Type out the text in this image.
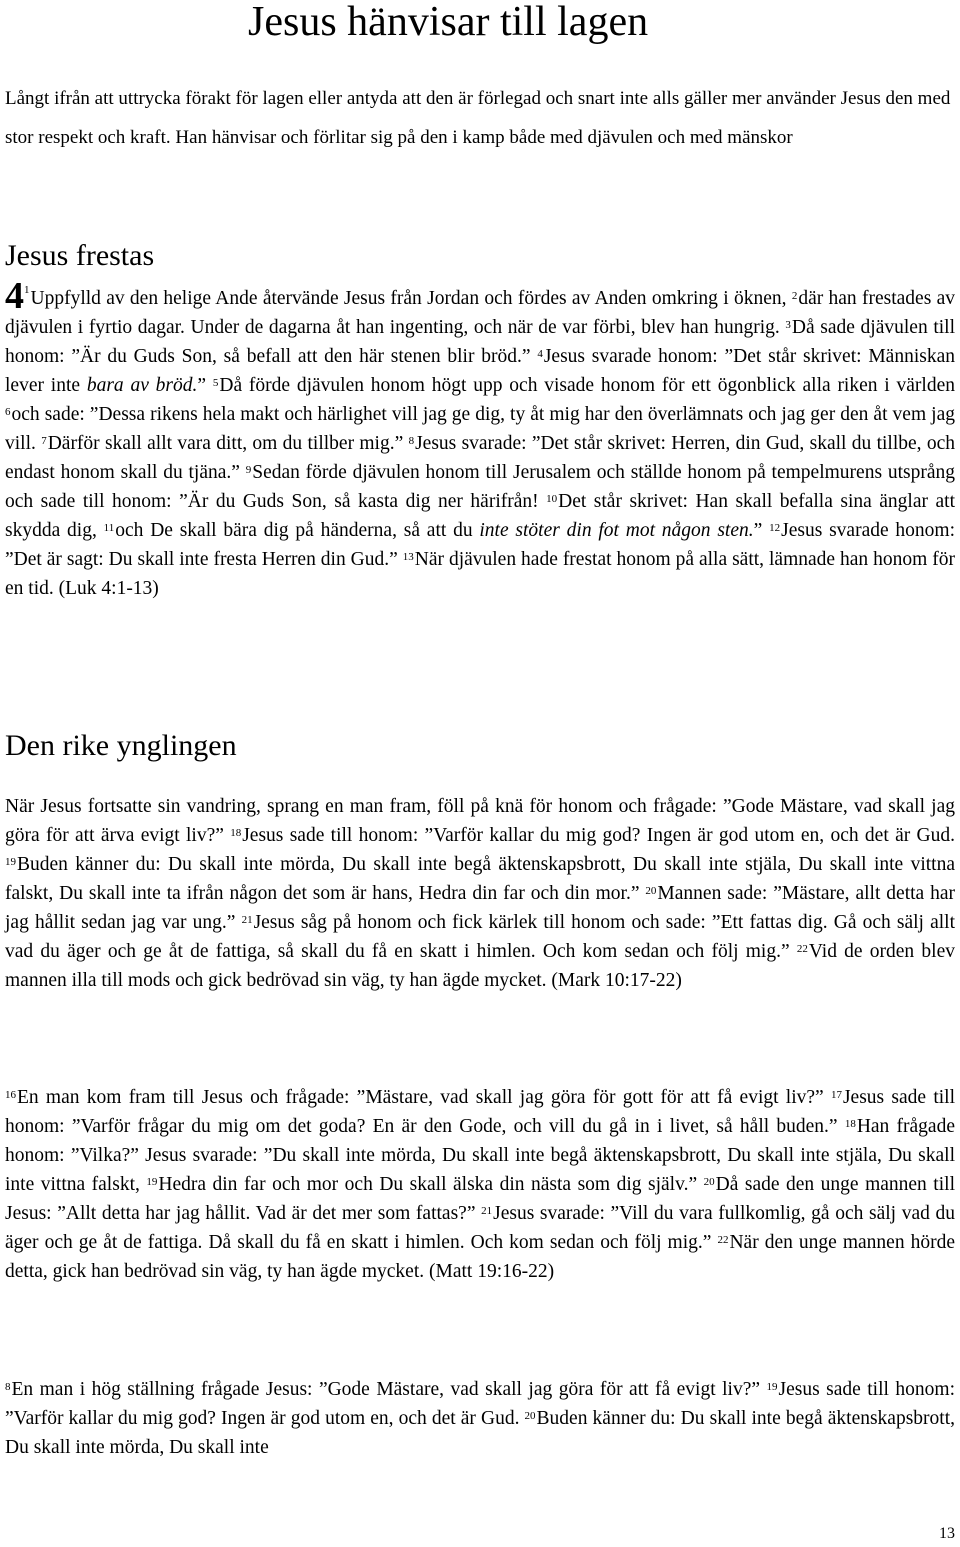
Jesus hänvisar till lagen

Långt ifrån att uttrycka förakt för lagen eller antyda att den är förlegad och snart inte alls gäller mer använder Jesus den med stor respekt och kraft. Han hänvisar och förlitar sig på den i kamp både med djävulen och med mänskor

Jesus frestas

$4^1Uppfylld$ av den helige Ande återvände Jesus från Jordan och fördes av Anden omkring i öknen, $^2$där han frestades av djävulen i fyrtio dagar. Under de dagarna åt han ingenting, och när de var förbi, blev han hungrig. $^3$Då sade djävulen till honom: ”Är du Guds Son, så befall att den här stenen blir bröd.” $^4$Jesus svarade honom: ”Det står skrivet: Människan lever inte bara av bröd.” $^5$Då förde djävulen honom högt upp och visade honom för ett ögonblick alla riken i världen $^6$och sade: ”Dessa rikens hela makt och härlighet vill jag ge dig, ty åt mig har den överlämnats och jag ger den åt vem jag vill. $^7$Därför skall allt vara ditt, om du tillber mig.” $^8$Jesus svarade: ”Det står skrivet: Herren, din Gud, skall du tillbe, och endast honom skall du tjäna.” $^9$Sedan förde djävulen honom till Jerusalem och ställde honom på tempelmurens utsprång och sade till honom: ”Är du Guds Son, så kasta dig ner härifrån! $^{10}$Det står skrivet: Han skall befalla sina änglar att skydda dig, $^{11}$och De skall bära dig på händerna, så att du inte stöter din fot mot någon sten.” $^{12}$Jesus svarade honom: ”Det är sagt: Du skall inte fresta Herren din Gud.” $^{13}$När djävulen hade frestat honom på alla sätt, lämnade han honom för en tid. (Luk 4:1-13)

Den rike ynglingen

När Jesus fortsatte sin vandring, sprang en man fram, föll på knä för honom och frågade: ”Gode Mästare, vad skall jag göra för att ärva evigt liv?” $^{18}$Jesus sade till honom: ”Varför kallar du mig god? Ingen är god utom en, och det är Gud. $^{19}$Buden känner du: Du skall inte mörda, Du skall inte begå äktenskapsbrott, Du skall inte stjäla, Du skall inte vittna falskt, Du skall inte ta ifrån någon det som är hans, Hedra din far och din mor.” $^{20}$Mannen sade: ”Mästare, allt detta har jag hållit sedan jag var ung.” $^{21}$Jesus såg på honom och fick kärlek till honom och sade: ”Ett fattas dig. Gå och sälj allt vad du äger och ge åt de fattiga, så skall du få en skatt i himlen. Och kom sedan och följ mig.” $^{22}$Vid de orden blev mannen illa till mods och gick bedrövad sin väg, ty han ägde mycket. (Mark 10:17-22)

$^{16}$En man kom fram till Jesus och frågade: ”Mästare, vad skall jag göra för gott för att få evigt liv?” $^{17}$Jesus sade till honom: ”Varför frågar du mig om det goda? En är den Gode, och vill du gå in i livet, så håll buden.” $^{18}$Han frågade honom: ”Vilka?” Jesus svarade: ”Du skall inte mörda, Du skall inte begå äktenskapsbrott, Du skall inte stjäla, Du skall inte vittna falskt, $^{19}$Hedra din far och mor och Du skall älska din nästa som dig själv.” $^{20}$Då sade den unge mannen till Jesus: ”Allt detta har jag hållit. Vad är det mer som fattas?” $^{21}$Jesus svarade: ”Vill du vara fullkomlig, gå och sälj vad du äger och ge åt de fattiga. Då skall du få en skatt i himlen. Och kom sedan och följ mig.” $^{22}$När den unge mannen hörde detta, gick han bedrövad sin väg, ty han ägde mycket. (Matt 19:16-22)

$^8$En man i hög ställning frågade Jesus: ”Gode Mästare, vad skall jag göra för att få evigt liv?” $^{19}$Jesus sade till honom: ”Varför kallar du mig god? Ingen är god utom en, och det är Gud. $^{20}$Buden känner du: Du skall inte begå äktenskapsbrott, Du skall inte mörda, Du skall inte

13
